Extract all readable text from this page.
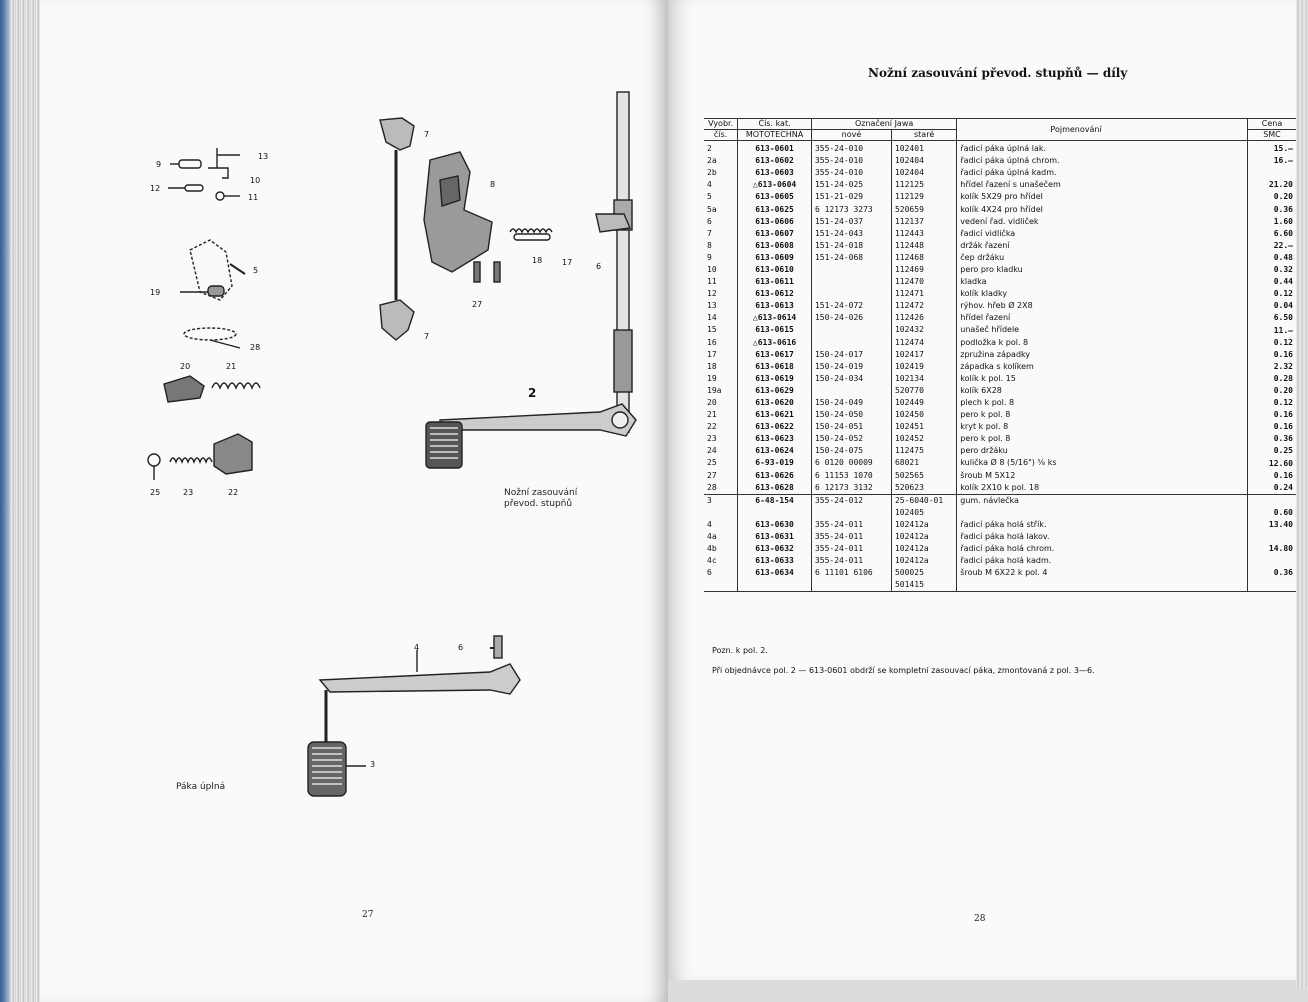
13
9
10
12
11
7
8
18 17	6
27
5
19
28
20	21
25	23	22
2
7
4	6
3
Nožní zasouvání převod. stupňů
Páka úplná
27
Nožní zasouvání převod. stupňů — díly
Vyobr.	Čís. kat.	Označení Jawa		Pojmenování		Cena
čís.	MOTOTECHNA	nové	staré			SMC
2	613-0601	355-24-010	102401	řadicí páka úplná lak.		15.—
2a	613-0602	355-24-010	102404	řadicí páka úplná chrom.		16.—
2b	613-0603	355-24-010	102404	řadicí páka úplná kadm.		
4	△613-0604	151-24-025	112125	hřídel řazení s unašečem		21.20
5	613-0605	151-21-029	112129	kolík 5X29 pro hřídel		0.20
5a	613-0625	6 12173 3273	520659	kolík 4X24 pro hřídel		0.36
6	613-0606	151-24-037	112137	vedení řad. vidliček		1.60
7	613-0607	151-24-043	112443	řadicí vidlička		6.60
8	613-0608	151-24-018	112448	držák řazení		22.—
9	613-0609	151-24-068	112468	čep držáku		0.48
10	613-0610		112469	pero pro kladku		0.32
11	613-0611		112470	kladka		0.44
12	613-0612		112471	kolík kladky		0.12
13	613-0613	151-24-072	112472	rýhov. hřeb Ø 2X8		0.04
14	△613-0614	150-24-026	112426	hřídel řazení		6.50
15	613-0615		102432	unašeč hřídele		11.—
16	△613-0616		112474	podložka k pol. 8		0.12
17	613-0617	150-24-017	102417	zpružina západky		0.16
18	613-0618	150-24-019	102419	západka s kolíkem		2.32
19	613-0619	150-24-034	102134	kolík k pol. 15		0.28
19a	613-0629		520770	kolík 6X28		0.20
20	613-0620	150-24-049	102449	plech k pol. 8		0.12
21	613-0621	150-24-050	102450	pero k pol. 8		0.16
22	613-0622	150-24-051	102451	kryt k pol. 8		0.16
23	613-0623	150-24-052	102452	pero k pol. 8		0.36
24	613-0624	150-24-075	112475	pero držáku		0.25
25	6-93-019	6 0120 00009	68021	kulička Ø 8 (5/16") ⅝ ks		12.60
27	613-0626	6 11153 1070	502565	šroub M 5X12		0.16
28	613-0628	6 12173 3132	520623	kolík 2X10 k pol. 18		0.24
3	6-48-154	355-24-012	25-6040-01	gum. návlečka		
			102405			0.60
4	613-0630	355-24-011	102412a	řadicí páka holá střík.		13.40
4a	613-0631	355-24-011	102412a	řadicí páka holá lakov.		
4b	613-0632	355-24-011	102412a	řadicí páka holá chrom.		14.80
4c	613-0633	355-24-011	102412a	řadicí páka holá kadm.		
6	613-0634	6 11101 6106	500025	šroub M 6X22 k pol. 4		0.36
			501415			
Pozn. k pol. 2.
Při objednávce pol. 2 — 613-0601 obdrží se kompletní zasouvací páka, zmontovaná z pol. 3—6.
28
